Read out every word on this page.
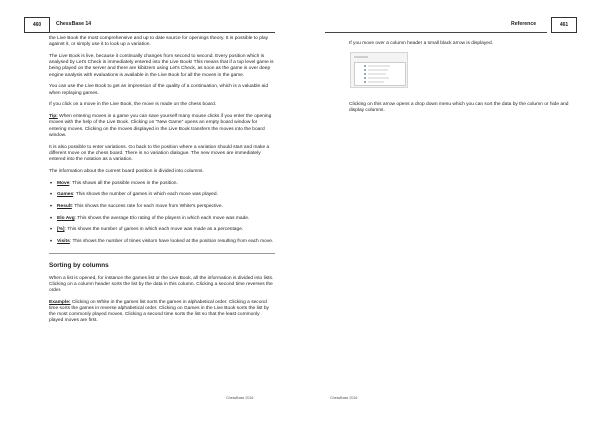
460	ChessBase 14

the Live Book the most comprehensive and up to date source for openings theory. It is possible to play against it, or simply use it to look up a variation.

The Live Book is live, because it continually changes from second to second. Every position which is analysed by Let's Check is immediately entered into the Live Book! This means that if a top level game is being played on the server and there are kibitzers using Let's Check, as soon as the game is over deep engine analysis with evaluations is available in the Live Book for all the moves in the game.

You can use the Live Book to get an impression of the quality of a continuation, which is a valuable aid when replaying games.

If you click on a move in the Live Book, the move is made on the chess board.

Tip: When entering moves in a game you can save yourself many mouse clicks if you enter the opening moves with the help of the Live Book. Clicking on "New Game" opens an empty board window for entering moves. Clicking on the moves displayed in the Live Book transfers the moves into the board window.

It is also possible to enter variations. Go back to the position where a variation should start and make a different move on the chess board. There is no variation dialogue. The new moves are immediately entered into the notation as a variation.

The information about the current board position is divided into columns.

• Move: This shows all the possible moves in the position.
• Games: This shows the number of games in which each move was played.
• Result: This shows the success rate for each move from White's perspective.
• Elo Avg: This shows the average Elo rating of the players in which each move was made.
• [%]: This shows the number of games in which each move was made as a percentage.
• Visits: This shows the number of times visitors have looked at the position resulting from each move.
Sorting by columns

When a list is opened, for instance the games list or the Live Book, all the information is divided into lists. Clicking on a column header sorts the list by the data in this column. Clicking a second time reverses the order.

Example: Clicking on White in the games list sorts the games in alphabetical order. Clicking a second time sorts the games in reverse alphabetical order. Clicking on Games in the Live Book sorts the list by the most commonly played moves. Clicking a second time sorts the list so that the least commonly played moves are first.

ChessBase 2016
Reference	461

If you move over a column header a small black arrow is displayed.

Clicking on this arrow opens a drop down menu which you can sort the data by the column or hide and display columns.

ChessBase 2016
